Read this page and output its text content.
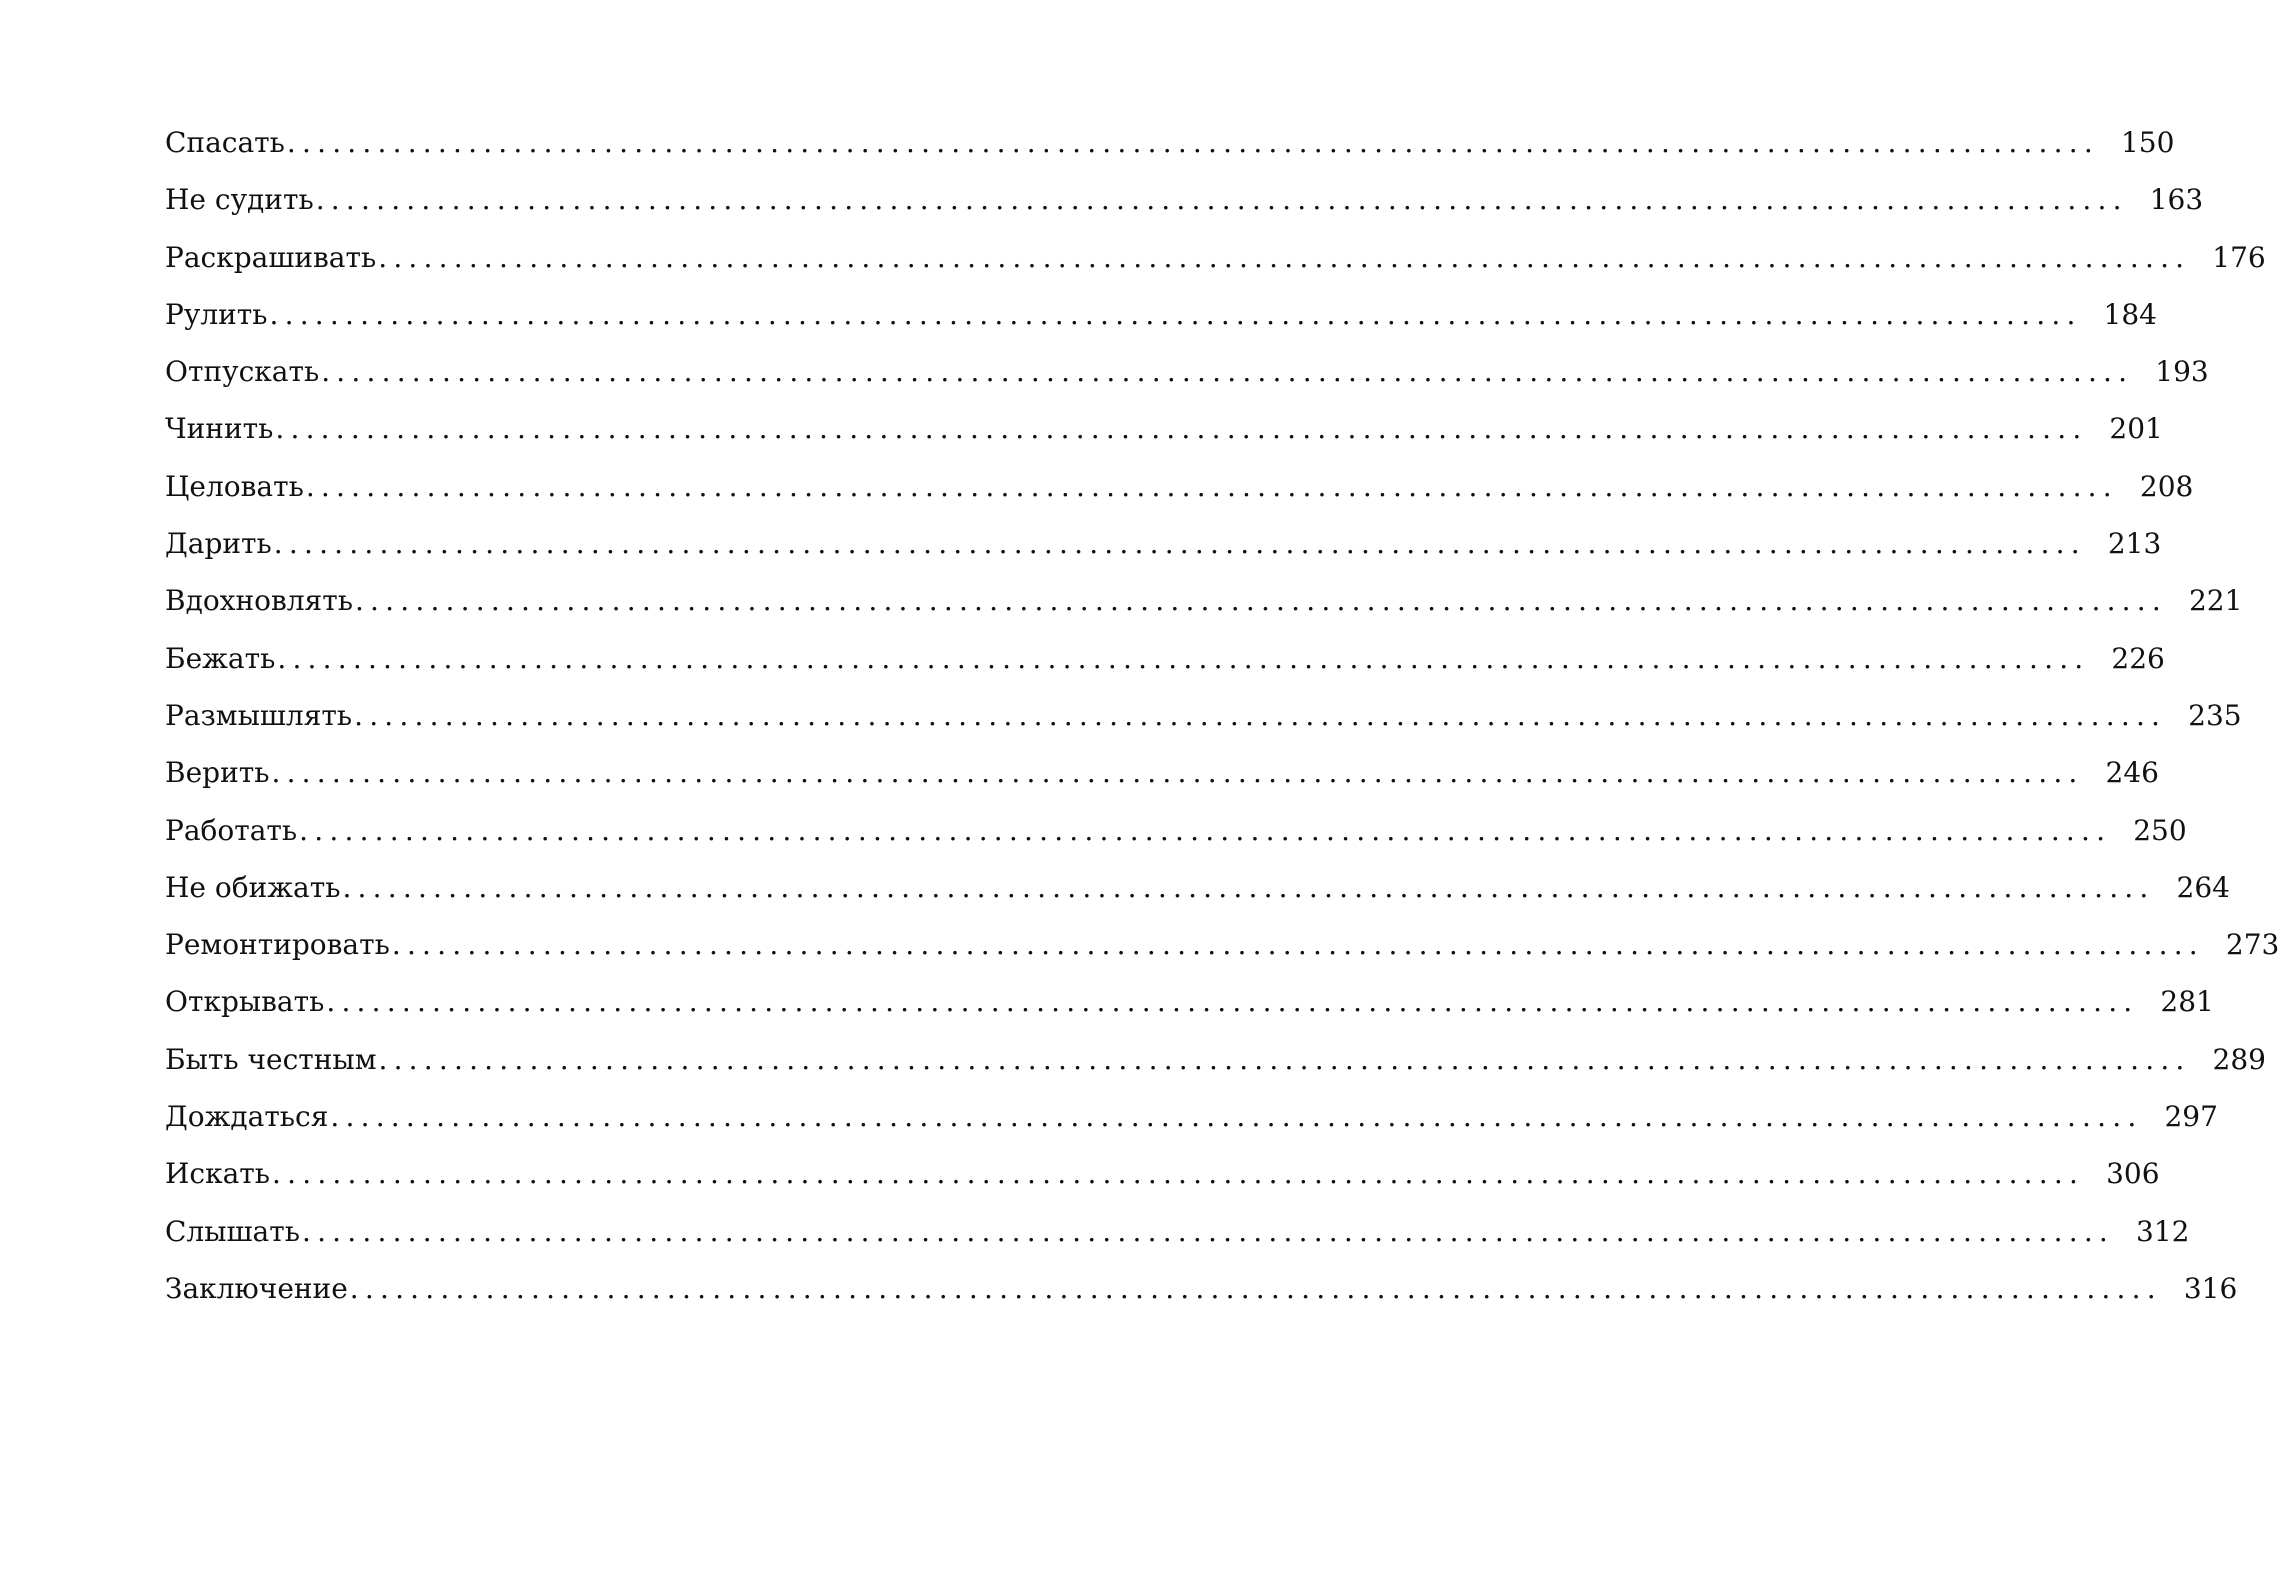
Спасать ........................................................................................................................ 150
Не судить ........................................................................................................................ 163
Раскрашивать ........................................................................................................................ 176
Рулить ........................................................................................................................ 184
Отпускать ........................................................................................................................ 193
Чинить ........................................................................................................................ 201
Целовать ........................................................................................................................ 208
Дарить ........................................................................................................................ 213
Вдохновлять ........................................................................................................................ 221
Бежать ........................................................................................................................ 226
Размышлять ........................................................................................................................ 235
Верить ........................................................................................................................ 246
Работать ........................................................................................................................ 250
Не обижать ........................................................................................................................ 264
Ремонтировать ........................................................................................................................ 273
Открывать ........................................................................................................................ 281
Быть честным ........................................................................................................................ 289
Дождаться ........................................................................................................................ 297
Искать ........................................................................................................................ 306
Слышать ........................................................................................................................ 312
Заключение ........................................................................................................................ 316
